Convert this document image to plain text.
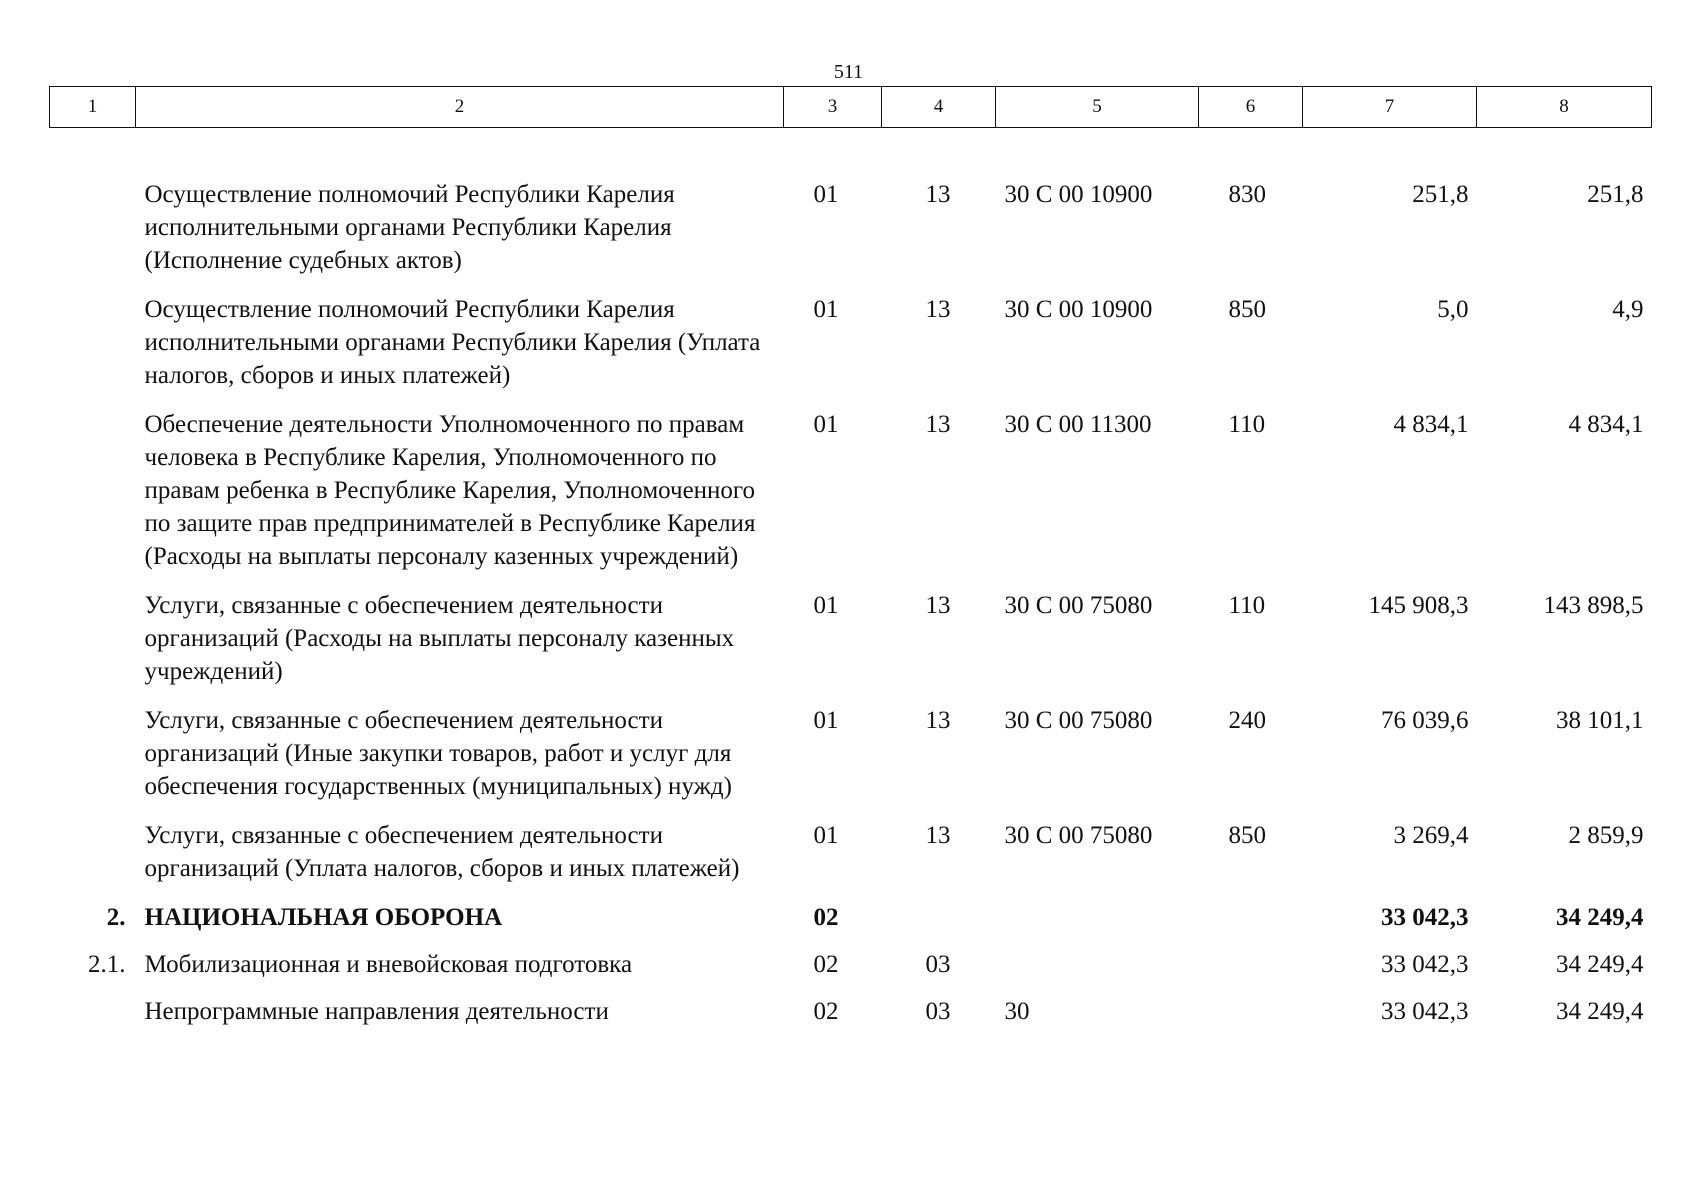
511
1	2	3	4	5	6	7	8
	Осуществление полномочий Республики Карелия исполнительными органами Республики Карелия (Исполнение судебных актов)	01	13	30 С 00 10900	830	251,8	251,8
	Осуществление полномочий Республики Карелия исполнительными органами Республики Карелия (Уплата налогов, сборов и иных платежей)	01	13	30 С 00 10900	850	5,0	4,9
	Обеспечение деятельности Уполномоченного по правам человека в Республике Карелия, Уполномоченного по правам ребенка в Республике Карелия, Уполномоченного по защите прав предпринимателей в Республике Карелия (Расходы на выплаты персоналу казенных учреждений)	01	13	30 С 00 11300	110	4 834,1	4 834,1
	Услуги, связанные с обеспечением деятельности организаций (Расходы на выплаты персоналу казенных учреждений)	01	13	30 С 00 75080	110	145 908,3	143 898,5
	Услуги, связанные с обеспечением деятельности организаций (Иные закупки товаров, работ и услуг для обеспечения государственных (муниципальных) нужд)	01	13	30 С 00 75080	240	76 039,6	38 101,1
	Услуги, связанные с обеспечением деятельности организаций (Уплата налогов, сборов и иных платежей)	01	13	30 С 00 75080	850	3 269,4	2 859,9
2.	НАЦИОНАЛЬНАЯ ОБОРОНА	02				33 042,3	34 249,4
2.1.	Мобилизационная и вневойсковая подготовка	02	03			33 042,3	34 249,4
	Непрограммные направления деятельности	02	03	30		33 042,3	34 249,4
